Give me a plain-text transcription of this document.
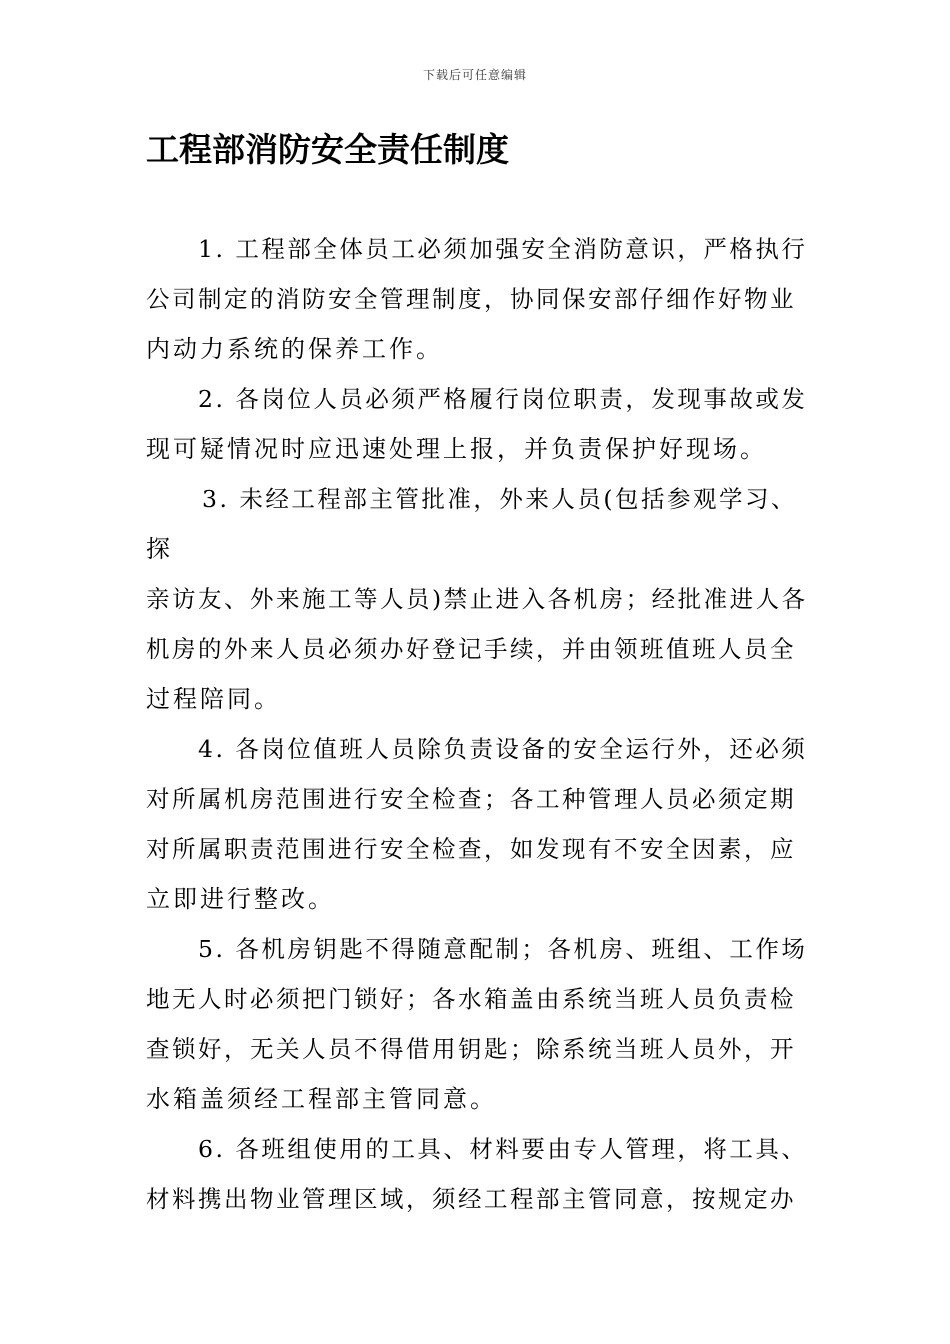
下载后可任意编辑
工程部消防安全责任制度
1. 工程部全体员工必须加强安全消防意识，严格执行
公司制定的消防安全管理制度，协同保安部仔细作好物业
内动力系统的保养工作。
2. 各岗位人员必须严格履行岗位职责，发现事故或发
现可疑情况时应迅速处理上报，并负责保护好现场。
3. 未经工程部主管批准，外来人员(包括参观学习、
探
亲访友、外来施工等人员)禁止进入各机房；经批准进人各
机房的外来人员必须办好登记手续，并由领班值班人员全
过程陪同。
4. 各岗位值班人员除负责设备的安全运行外，还必须
对所属机房范围进行安全检查；各工种管理人员必须定期
对所属职责范围进行安全检查，如发现有不安全因素，应
立即进行整改。
5. 各机房钥匙不得随意配制；各机房、班组、工作场
地无人时必须把门锁好；各水箱盖由系统当班人员负责检
查锁好，无关人员不得借用钥匙；除系统当班人员外，开
水箱盖须经工程部主管同意。
6. 各班组使用的工具、材料要由专人管理，将工具、
材料携出物业管理区域，须经工程部主管同意，按规定办
